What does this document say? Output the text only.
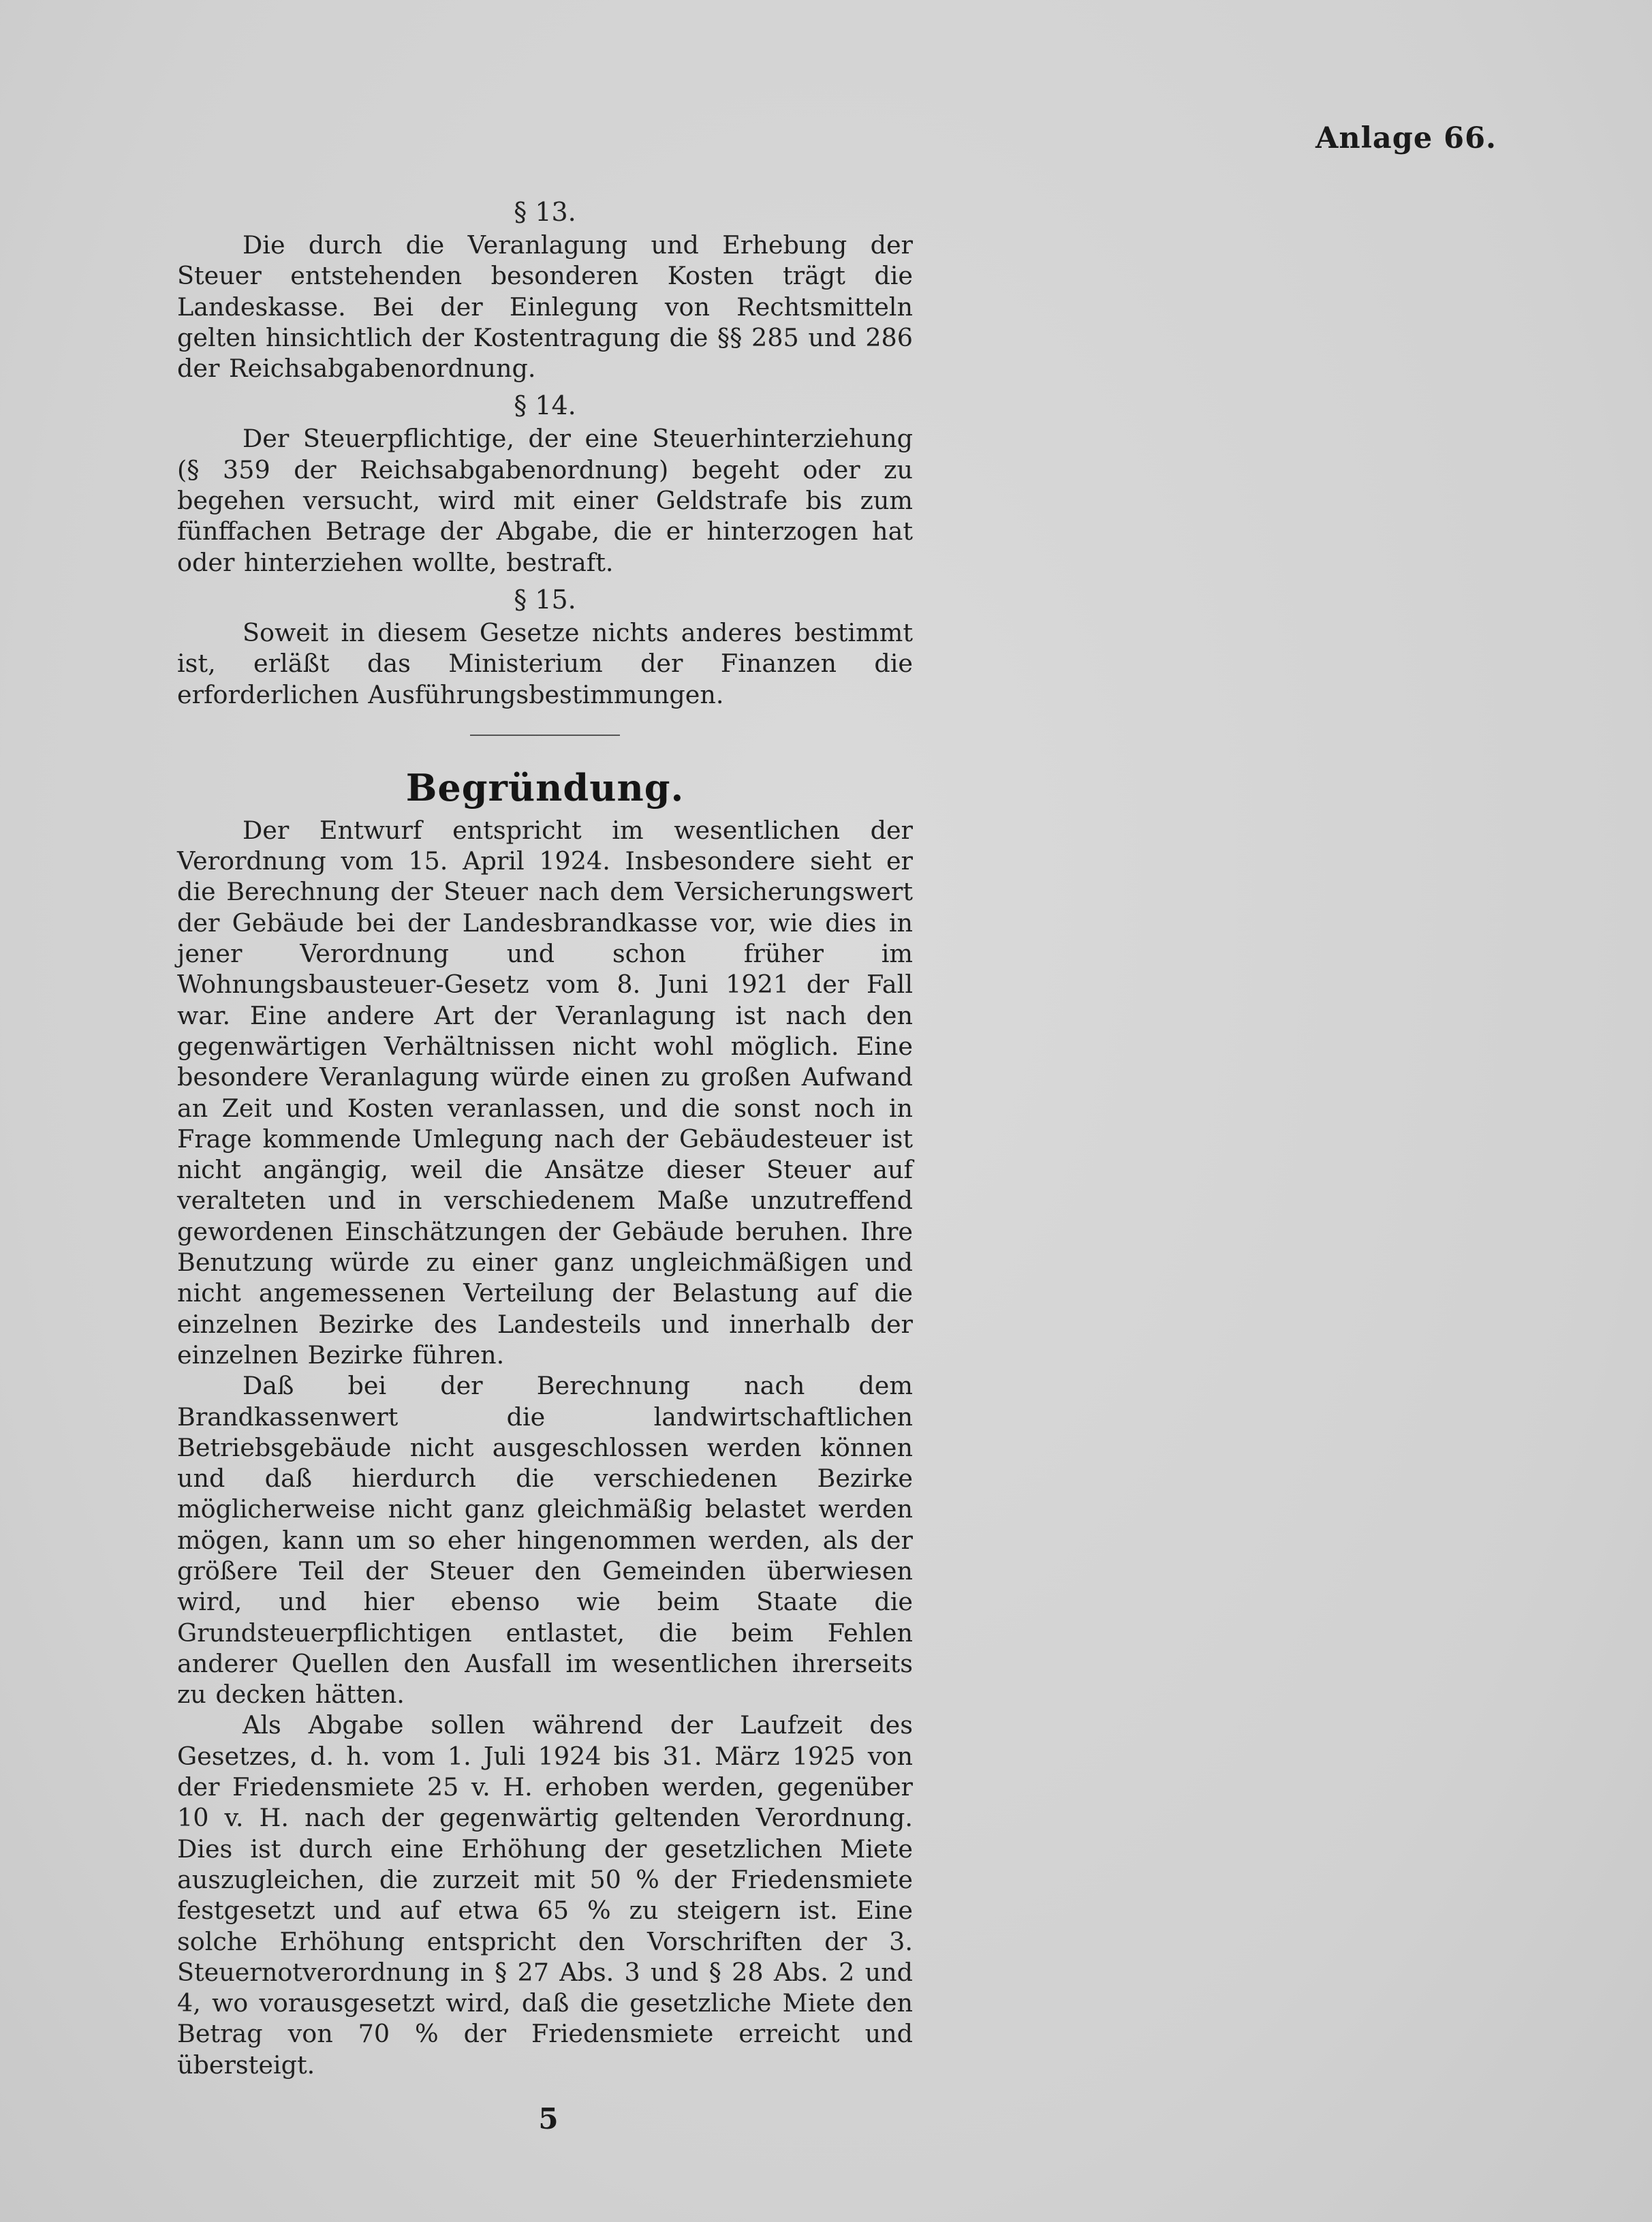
Anlage 66.

§ 13.

Die durch die Veranlagung und Erhebung der Steuer entstehenden besonderen Kosten trägt die Landeskasse. Bei der Einlegung von Rechtsmitteln gelten hinsichtlich der Kostentragung die §§ 285 und 286 der Reichsabgabenordnung.

§ 14.

Der Steuerpflichtige, der eine Steuerhinterziehung (§ 359 der Reichsabgabenordnung) begeht oder zu begehen versucht, wird mit einer Geldstrafe bis zum fünffachen Betrage der Abgabe, die er hinterzogen hat oder hinterziehen wollte, bestraft.

§ 15.

Soweit in diesem Gesetze nichts anderes bestimmt ist, erläßt das Ministerium der Finanzen die erforderlichen Ausführungsbestimmungen.

Begründung.

Der Entwurf entspricht im wesentlichen der Verordnung vom 15. April 1924. Insbesondere sieht er die Berechnung der Steuer nach dem Versicherungswert der Gebäude bei der Landesbrandkasse vor, wie dies in jener Verordnung und schon früher im Wohnungsbausteuer-Gesetz vom 8. Juni 1921 der Fall war. Eine andere Art der Veranlagung ist nach den gegenwärtigen Verhältnissen nicht wohl möglich. Eine besondere Veranlagung würde einen zu großen Aufwand an Zeit und Kosten veranlassen, und die sonst noch in Frage kommende Umlegung nach der Gebäudesteuer ist nicht angängig, weil die Ansätze dieser Steuer auf veralteten und in verschiedenem Maße unzutreffend gewordenen Einschätzungen der Gebäude beruhen. Ihre Benutzung würde zu einer ganz ungleichmäßigen und nicht angemessenen Verteilung der Belastung auf die einzelnen Bezirke des Landesteils und innerhalb der einzelnen Bezirke führen.

Daß bei der Berechnung nach dem Brandkassenwert die landwirtschaftlichen Betriebsgebäude nicht ausgeschlossen werden können und daß hierdurch die verschiedenen Bezirke möglicherweise nicht ganz gleichmäßig belastet werden mögen, kann um so eher hingenommen werden, als der größere Teil der Steuer den Gemeinden überwiesen wird, und hier ebenso wie beim Staate die Grundsteuerpflichtigen entlastet, die beim Fehlen anderer Quellen den Ausfall im wesentlichen ihrerseits zu decken hätten.

Als Abgabe sollen während der Laufzeit des Gesetzes, d. h. vom 1. Juli 1924 bis 31. März 1925 von der Friedensmiete 25 v. H. erhoben werden, gegenüber 10 v. H. nach der gegenwärtig geltenden Verordnung. Dies ist durch eine Erhöhung der gesetzlichen Miete auszugleichen, die zurzeit mit 50 % der Friedensmiete festgesetzt und auf etwa 65 % zu steigern ist. Eine solche Erhöhung entspricht den Vorschriften der 3. Steuernotverordnung in § 27 Abs. 3 und § 28 Abs. 2 und 4, wo vorausgesetzt wird, daß die gesetzliche Miete den Betrag von 70 % der Friedensmiete erreicht und übersteigt.

5
